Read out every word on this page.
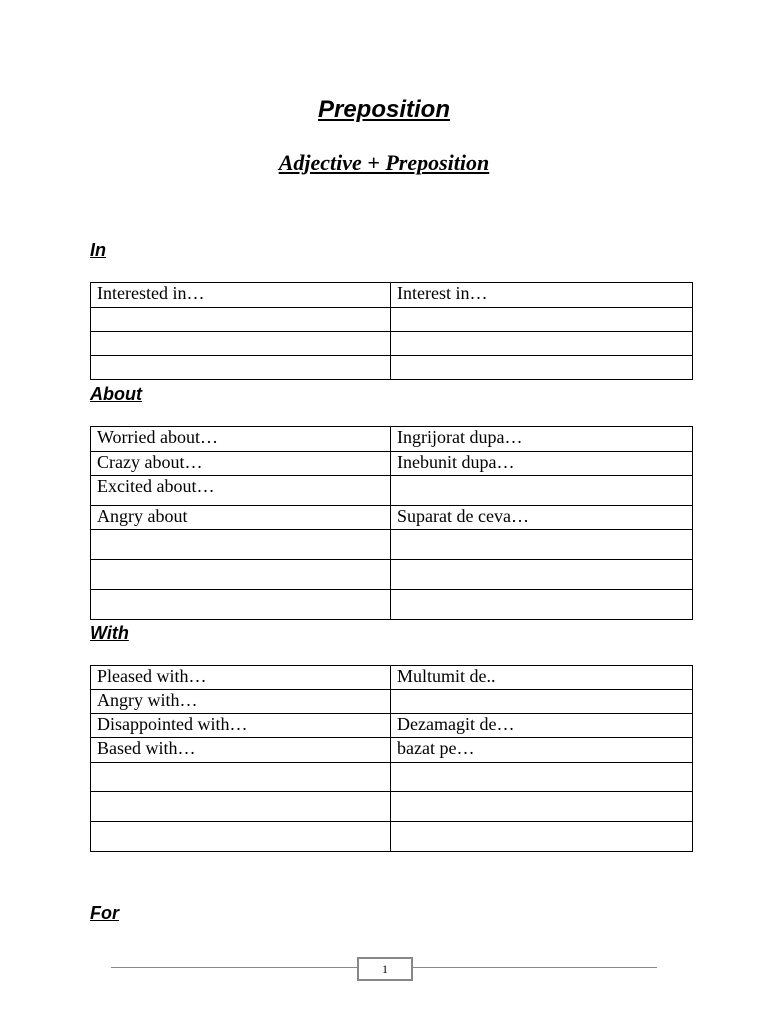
Preposition
Adjective + Preposition
In
Interested in…	Interest in…

About
Worried about…	Ingrijorat dupa…
Crazy about…	Inebunit dupa…
Excited about…	
Angry about	Suparat de ceva…

With
Pleased with…	Multumit de..
Angry with…	
Disappointed with…	Dezamagit de…
Based with…	bazat pe…

For
1
